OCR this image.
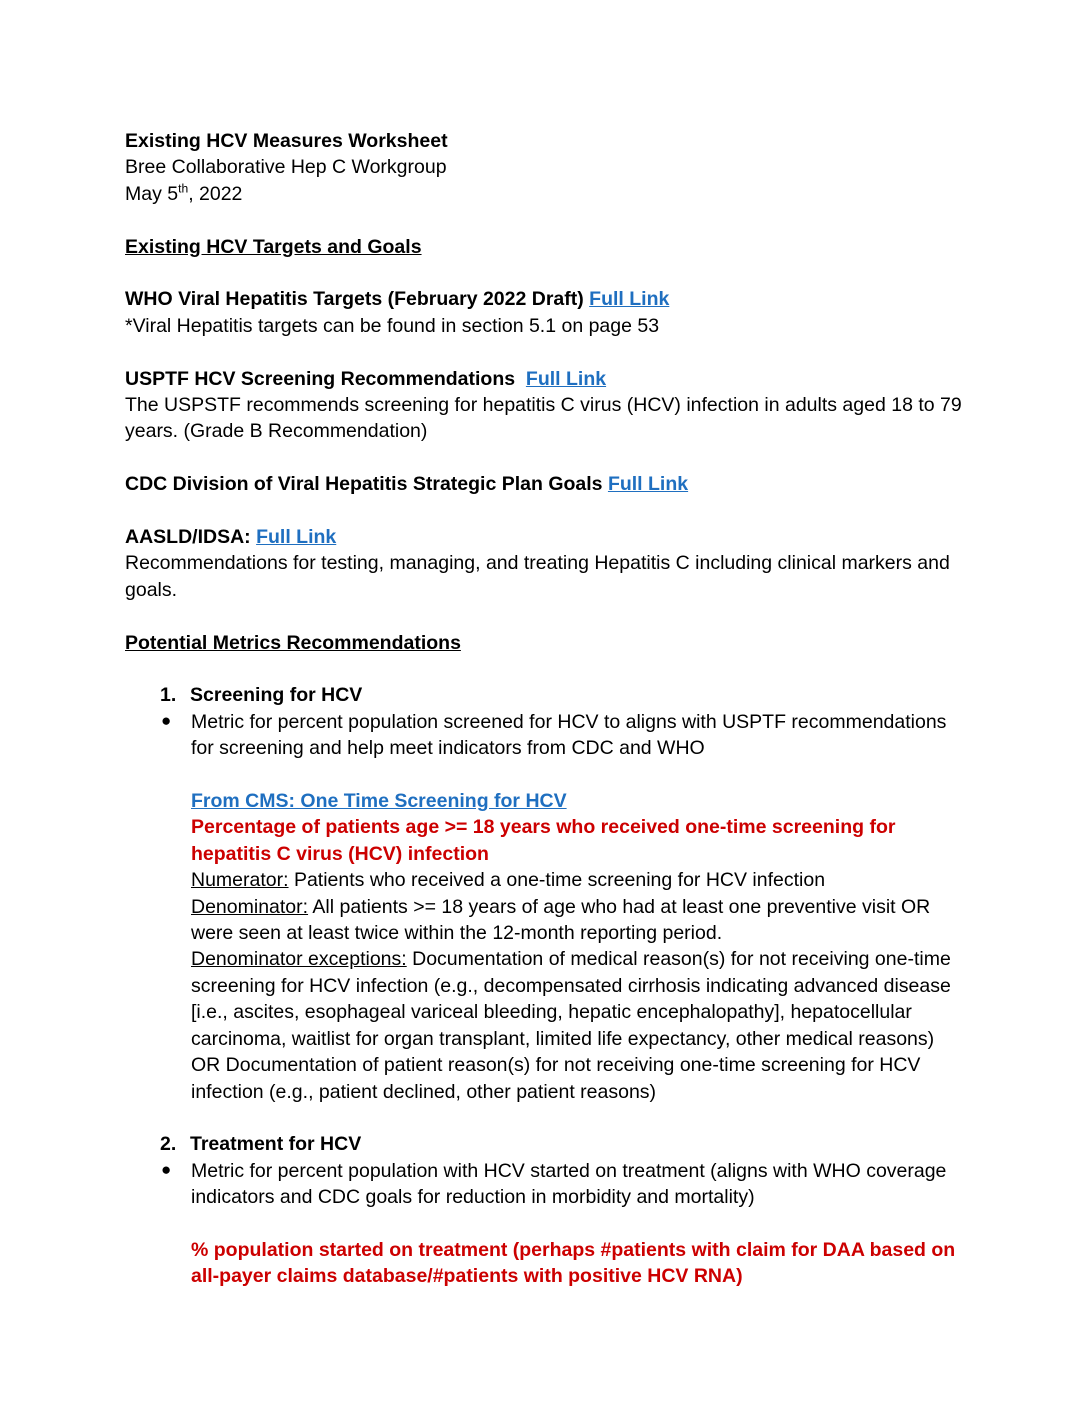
Existing HCV Measures Worksheet

Bree Collaborative Hep C Workgroup

May 5th, 2022

Existing HCV Targets and Goals

WHO Viral Hepatitis Targets (February 2022 Draft) Full Link

*Viral Hepatitis targets can be found in section 5.1 on page 53

USPTF HCV Screening Recommendations Full Link

The USPSTF recommends screening for hepatitis C virus (HCV) infection in adults aged 18 to 79 years. (Grade B Recommendation)

CDC Division of Viral Hepatitis Strategic Plan Goals Full Link

AASLD/IDSA: Full Link

Recommendations for testing, managing, and treating Hepatitis C including clinical markers and goals.

Potential Metrics Recommendations

1. Screening for HCV
● Metric for percent population screened for HCV to aligns with USPTF recommendations for screening and help meet indicators from CDC and WHO

From CMS: One Time Screening for HCV

Percentage of patients age >= 18 years who received one-time screening for hepatitis C virus (HCV) infection

Numerator: Patients who received a one-time screening for HCV infection

Denominator: All patients >= 18 years of age who had at least one preventive visit OR were seen at least twice within the 12-month reporting period.

Denominator exceptions: Documentation of medical reason(s) for not receiving one-time screening for HCV infection (e.g., decompensated cirrhosis indicating advanced disease [i.e., ascites, esophageal variceal bleeding, hepatic encephalopathy], hepatocellular carcinoma, waitlist for organ transplant, limited life expectancy, other medical reasons) OR Documentation of patient reason(s) for not receiving one-time screening for HCV infection (e.g., patient declined, other patient reasons)

2. Treatment for HCV
● Metric for percent population with HCV started on treatment (aligns with WHO coverage indicators and CDC goals for reduction in morbidity and mortality)

% population started on treatment (perhaps #patients with claim for DAA based on all-payer claims database/#patients with positive HCV RNA)
